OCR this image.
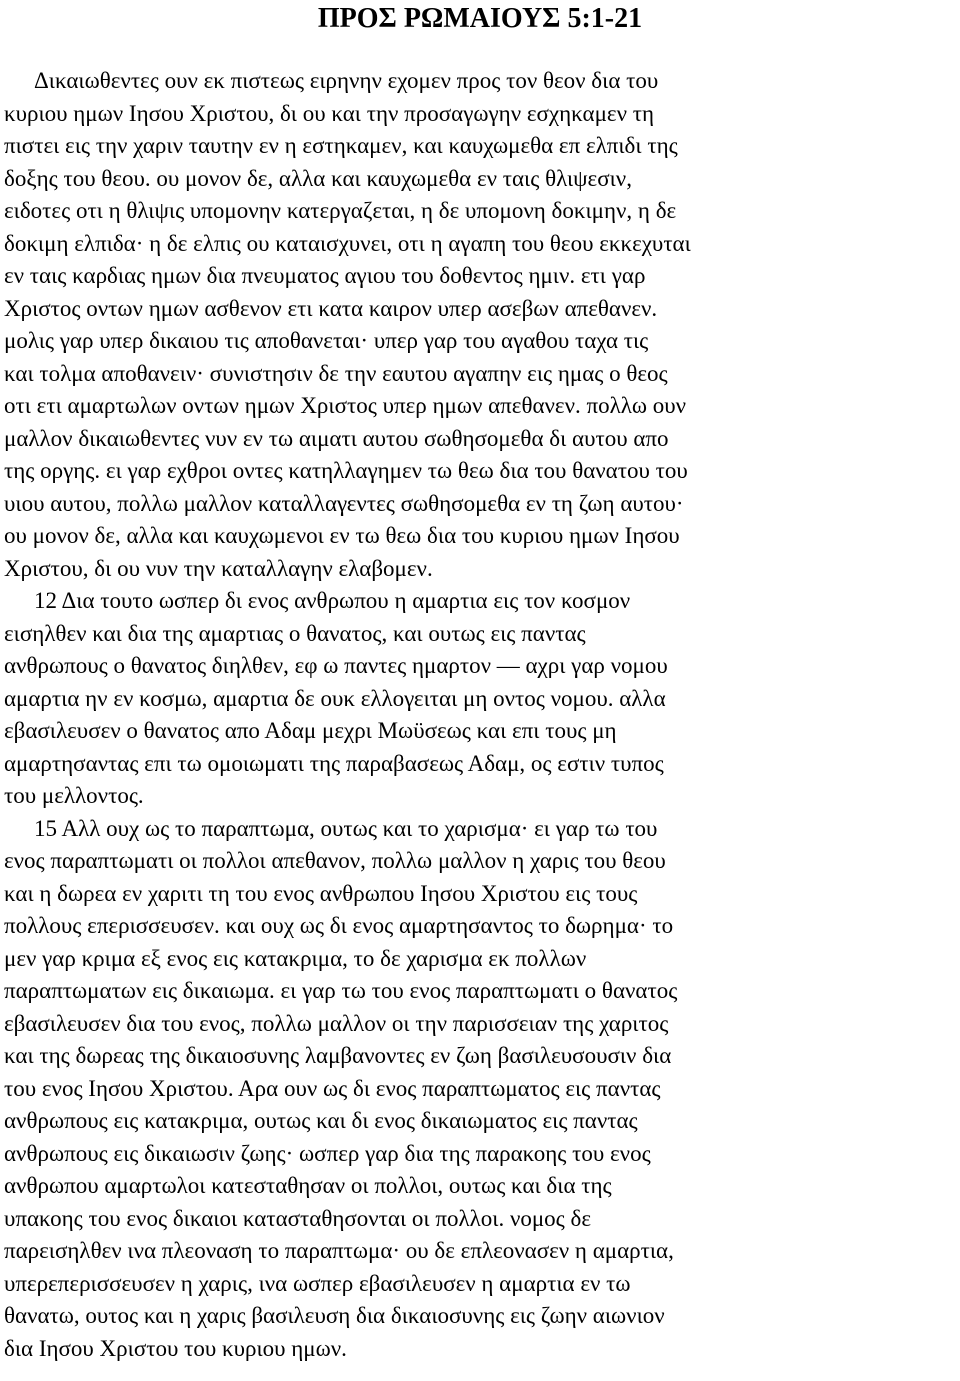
ΠΡΟΣ ΡΩΜΑΙΟΥΣ 5:1-21
Δικαιωθεντες ουν εκ πιστεως ειρηνην εχομεν προς τον θεον δια του
κυριου ημων Ιησου Χριστου, δι ου και την προσαγωγην εσχηκαμεν τη
πιστει εις την χαριν ταυτην εν η εστηκαμεν, και καυχωμεθα επ ελπιδι της
δοξης του θεου. ου μονον δε, αλλα και καυχωμεθα εν ταις θλιψεσιν,
ειδοτες οτι η θλιψις υπομονην κατεργαζεται, η δε υπομονη δοκιμην, η δε
δοκιμη ελπιδα· η δε ελπις ου καταισχυνει, οτι η αγαπη του θεου εκκεχυται
εν ταις καρδιας ημων δια πνευματος αγιου του δοθεντος ημιν. ετι γαρ
Χριστος οντων ημων ασθενον ετι κατα καιρον υπερ ασεβων απεθανεν.
μολις γαρ υπερ δικαιου τις αποθανεται· υπερ γαρ του αγαθου ταχα τις
και τολμα αποθανειν· συνιστησιν δε την εαυτου αγαπην εις ημας ο θεος
οτι ετι αμαρτωλων οντων ημων Χριστος υπερ ημων απεθανεν. πολλω ουν
μαλλον δικαιωθεντες νυν εν τω αιματι αυτου σωθησομεθα δι αυτου απο
της οργης. ει γαρ εχθροι οντες κατηλλαγημεν τω θεω δια του θανατου του
υιου αυτου, πολλω μαλλον καταλλαγεντες σωθησομεθα εν τη ζωη αυτου·
ου μονον δε, αλλα και καυχωμενοι εν τω θεω δια του κυριου ημων Ιησου
Χριστου, δι ου νυν την καταλλαγην ελαβομεν.
12 Δια τουτο ωσπερ δι ενος ανθρωπου η αμαρτια εις τον κοσμον
εισηλθεν και δια της αμαρτιας ο θανατος, και ουτως εις παντας
ανθρωπους ο θανατος διηλθεν, εφ ω παντες ημαρτον ― αχρι γαρ νομου
αμαρτια ην εν κοσμω, αμαρτια δε ουκ ελλογειται μη οντος νομου. αλλα
εβασιλευσεν ο θανατος απο Αδαμ μεχρι Μωϋσεως και επι τους μη
αμαρτησαντας επι τω ομοιωματι της παραβασεως Αδαμ, ος εστιν τυπος
του μελλοντος.
15 Αλλ ουχ ως το παραπτωμα, ουτως και το χαρισμα· ει γαρ τω του
ενος παραπτωματι οι πολλοι απεθανον, πολλω μαλλον η χαρις του θεου
και η δωρεα εν χαριτι τη του ενος ανθρωπου Ιησου Χριστου εις τους
πολλους επερισσευσεν. και ουχ ως δι ενος αμαρτησαντος το δωρημα· το
μεν γαρ κριμα εξ ενος εις κατακριμα, το δε χαρισμα εκ πολλων
παραπτωματων εις δικαιωμα. ει γαρ τω του ενος παραπτωματι ο θανατος
εβασιλευσεν δια του ενος, πολλω μαλλον οι την παρισσειαν της χαριτος
και της δωρεας της δικαιοσυνης λαμβανοντες εν ζωη βασιλευσουσιν δια
του ενος Ιησου Χριστου. Αρα ουν ως δι ενος παραπτωματος εις παντας
ανθρωπους εις κατακριμα, ουτως και δι ενος δικαιωματος εις παντας
ανθρωπους εις δικαιωσιν ζωης· ωσπερ γαρ δια της παρακοης του ενος
ανθρωπου αμαρτωλοι κατεσταθησαν οι πολλοι, ουτως και δια της
υπακοης του ενος δικαιοι κατασταθησονται οι πολλοι. νομος δε
παρεισηλθεν ινα πλεοναση το παραπτωμα· ου δε επλεονασεν η αμαρτια,
υπερεπερισσευσεν η χαρις, ινα ωσπερ εβασιλευσεν η αμαρτια εν τω
θανατω, ουτος και η χαρις βασιλευση δια δικαιοσυνης εις ζωην αιωνιον
δια Ιησου Χριστου του κυριου ημων.
